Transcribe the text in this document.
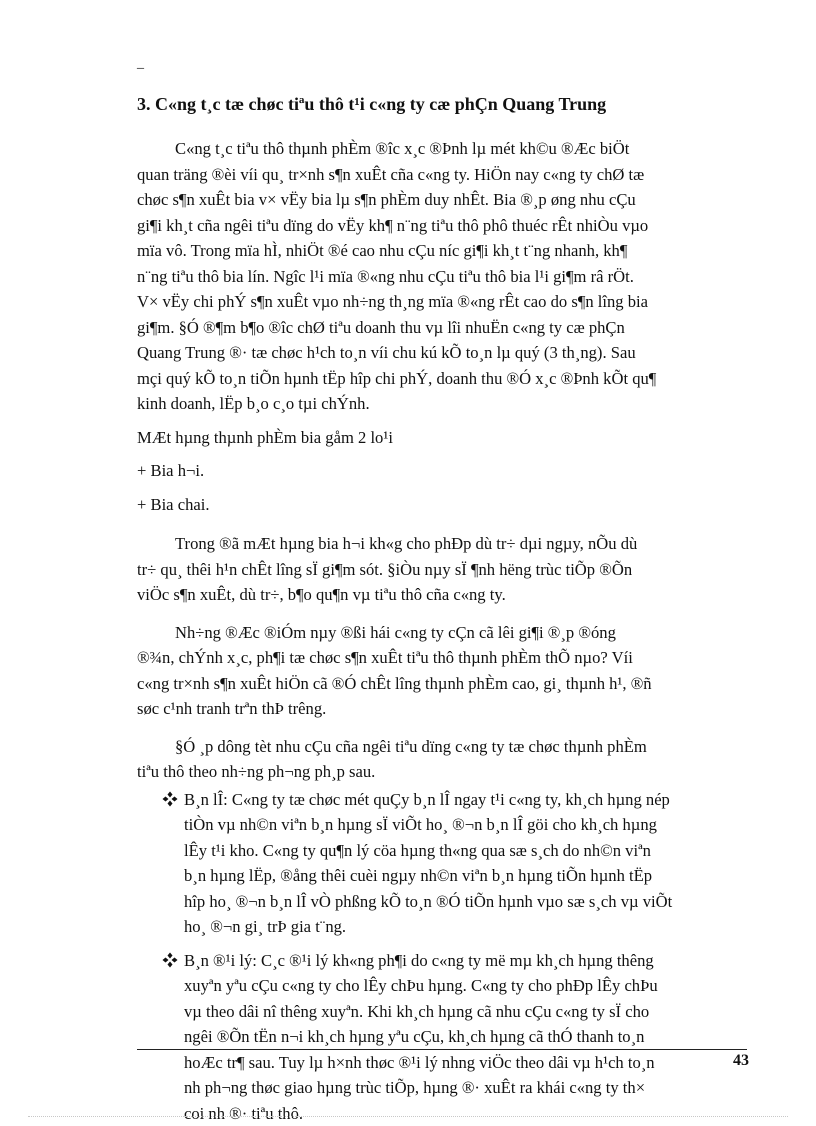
_
3. C«ng t¸c tæ chøc tiªu thô t¹i c«ng ty cæ phÇn Quang Trung

C«ng t¸c tiªu thô thµnh phÈm ®îc x¸c ®Þnh lµ mét kh©u ®Æc biÖt
quan träng ®èi víi qu¸ tr×nh s¶n xuÊt cña c«ng ty. HiÖn nay c«ng ty chØ tæ
chøc s¶n xuÊt bia v× vËy bia lµ s¶n phÈm duy nhÊt. Bia ®¸p øng nhu cÇu
gi¶i kh¸t cña ngêi tiªu dïng do vËy kh¶ n¨ng tiªu thô phô thuéc rÊt nhiÒu vµo
mïa vô. Trong mïa hÌ, nhiÖt ®é cao nhu cÇu níc gi¶i kh¸t t¨ng nhanh, kh¶
n¨ng tiªu thô bia lín. Ngîc l¹i mïa ®«ng nhu cÇu tiªu thô bia l¹i gi¶m râ rÖt.
V× vËy chi phÝ s¶n xuÊt vµo nh÷ng th¸ng mïa ®«ng rÊt cao do s¶n lîng bia
gi¶m. §Ó ®¶m b¶o ®îc chØ tiªu doanh thu vµ lîi nhuËn c«ng ty cæ phÇn
Quang Trung ®· tæ chøc h¹ch to¸n víi chu kú kÕ to¸n lµ quý (3 th¸ng). Sau
mçi quý kÕ to¸n tiÕn hµnh tËp hîp chi phÝ, doanh thu ®Ó x¸c ®Þnh kÕt qu¶
kinh doanh, lËp b¸o c¸o tµi chÝnh.

MÆt hµng thµnh phÈm bia gåm 2 lo¹i

+ Bia h¬i.

+ Bia chai.

Trong ®ã mÆt hµng bia h¬i kh«g cho phÐp dù tr÷ dµi ngµy, nÕu dù
tr÷ qu¸ thêi h¹n chÊt lîng sÏ gi¶m sót. §iÒu nµy sÏ ¶nh hëng trùc tiÕp ®Õn
viÖc s¶n xuÊt, dù tr÷, b¶o qu¶n vµ tiªu thô cña c«ng ty.

Nh÷ng ®Æc ®iÓm nµy ®ßi hái c«ng ty cÇn cã lêi gi¶i ®¸p ®óng
®¾n, chÝnh x¸c, ph¶i tæ chøc s¶n xuÊt tiªu thô thµnh phÈm thÕ nµo? Víi
c«ng tr×nh s¶n xuÊt hiÖn cã ®Ó chÊt lîng thµnh phÈm cao, gi¸ thµnh h¹, ®ñ
søc c¹nh tranh trªn thÞ trêng.

§Ó ¸p dông tèt nhu cÇu cña ngêi tiªu dïng c«ng ty tæ chøc thµnh phÈm
tiªu thô theo nh÷ng ph¬ng ph¸p sau.

B¸n lÎ: C«ng ty tæ chøc mét quÇy b¸n lÎ ngay t¹i c«ng ty, kh¸ch hµng nép
tiÒn vµ nh©n viªn b¸n hµng sÏ viÕt ho¸ ®¬n b¸n lÎ göi cho kh¸ch hµng
lÊy t¹i kho. C«ng ty qu¶n lý cöa hµng th«ng qua sæ s¸ch do nh©n viªn
b¸n hµng lËp, ®ång thêi cuèi ngµy nh©n viªn b¸n hµng tiÕn hµnh tËp
hîp ho¸ ®¬n b¸n lÎ vÒ phßng kÕ to¸n ®Ó tiÕn hµnh vµo sæ s¸ch vµ viÕt
ho¸ ®¬n gi¸ trÞ gia t¨ng.
B¸n ®¹i lý: C¸c ®¹i lý kh«ng ph¶i do c«ng ty më mµ kh¸ch hµng thêng
xuyªn yªu cÇu c«ng ty cho lÊy chÞu hµng. C«ng ty cho phÐp lÊy chÞu
vµ theo dâi nî thêng xuyªn. Khi kh¸ch hµng cã nhu cÇu c«ng ty sÏ cho
ngêi ®Õn tËn n¬i kh¸ch hµng yªu cÇu, kh¸ch hµng cã thÓ thanh to¸n
hoÆc tr¶ sau. Tuy lµ h×nh thøc ®¹i lý nhng viÖc theo dâi vµ h¹ch to¸n
nh ph¬ng thøc giao hµng trùc tiÕp, hµng ®· xuÊt ra khái c«ng ty th×
coi nh ®· tiªu thô.
43
